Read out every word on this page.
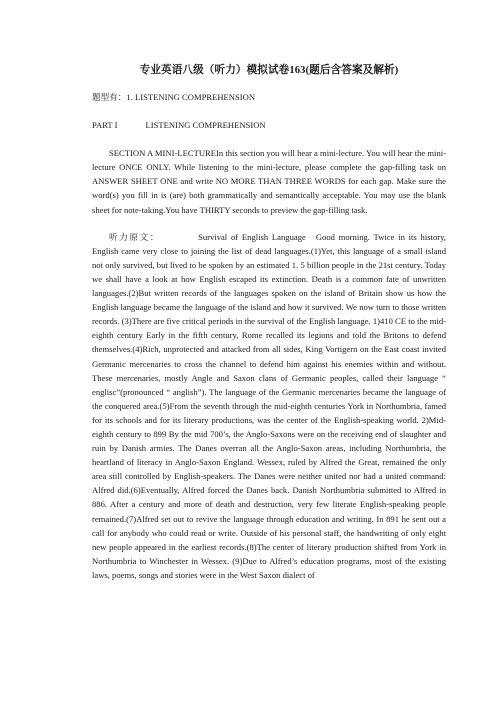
专业英语八级（听力）模拟试卷163(题后含答案及解析)
题型有：1. LISTENING COMPREHENSION
PART I	LISTENING COMPREHENSION

SECTION A MINI-LECTUREIn this section you will hear a mini-lecture. You will hear the mini-lecture ONCE ONLY. While listening to the mini-lecture, please complete the gap-filling task on ANSWER SHEET ONE and write NO MORE THAN THREE WORDS for each gap. Make sure the word(s) you fill in is (are) both grammatically and semantically acceptable. You may use the blank sheet for note-taking.You have THIRTY seconds to preview the gap-filling task.

听力原文：	Survival of English Language Good morning. Twice in its history, English came very close to joining the list of dead languages.(1)Yet, this language of a small island not only survived, but lived to be spoken by an estimated 1. 5 billion people in the 21st century. Today we shall have a look at how English escaped its extinction. Death is a common fate of unwritten languages.(2)But written records of the languages spoken on the island of Britain show us how the English language became the language of the island and how it survived. We now turn to those written records. (3)There are five critical periods in the survival of the English language. 1)410 CE to the mid-eighth century Early in the fifth century, Rome recalled its legions and told the Britons to defend themselves.(4)Rich, unprotected and attacked from all sides, King Vortigern on the East coast invited Germanic mercenaries to cross the channel to defend him against his enemies within and without. These mercenaries, mostly Angle and Saxon clans of Germanic peoples, called their language “ englisc”(pronounced “ anglish”). The language of the Germanic mercenaries became the language of the conquered area.(5)From the seventh through the mid-eighth centuries York in Northumbria, famed for its schools and for its literary productions, was the center of the English-speaking world. 2)Mid-eighth century to 899 By the mid 700’s, the Anglo-Saxons were on the receiving end of slaughter and ruin by Danish armies. The Danes overran all the Anglo-Saxon areas, including Northumbria, the heartland of literacy in Anglo-Saxon England. Wessex, ruled by Alfred the Great, remained the only area still controlled by English-speakers. The Danes were neither united nor had a united command: Alfred did.(6)Eventually, Alfred forced the Danes back. Danish Northumbria submitted to Alfred in 886. After a century and more of death and destruction, very few literate English-speaking people remained.(7)Alfred set out to revive the language through education and writing. In 891 he sent out a call for anybody who could read or write. Outside of his personal staff, the handwriting of only eight new people appeared in the earliest records.(8)The center of literary production shifted from York in Northumbria to Winchester in Wessex. (9)Due to Alfred’s education programs, most of the existing laws, poems, songs and stories were in the West Saxon dialect of
